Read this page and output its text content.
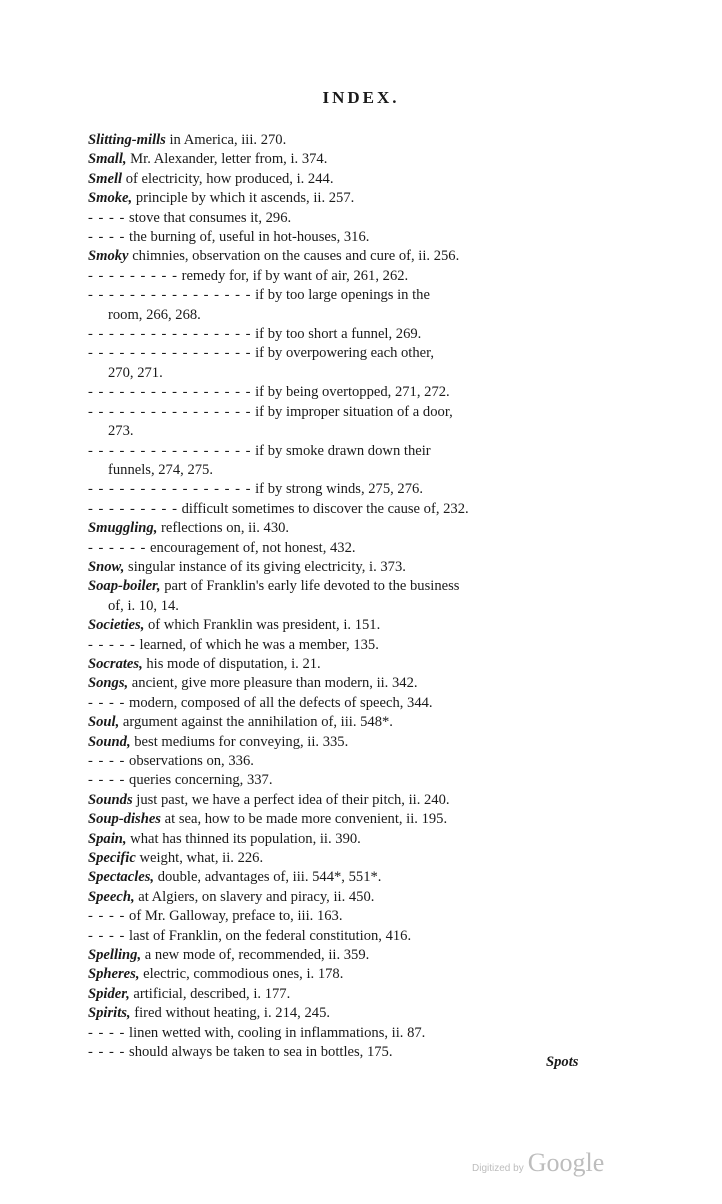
INDEX.
Slitting-mills in America, iii. 270.
Small, Mr. Alexander, letter from, i. 374.
Smell of electricity, how produced, i. 244.
Smoke, principle by which it ascends, ii. 257.
- - - - stove that consumes it, 296.
- - - - the burning of, useful in hot-houses, 316.
Smoky chimnies, observation on the causes and cure of, ii. 256.
- - - - - - - - - remedy for, if by want of air, 261, 262.
- - - - - - - - - - - - - - - - if by too large openings in the
room, 266, 268.
- - - - - - - - - - - - - - - - if by too short a funnel, 269.
- - - - - - - - - - - - - - - - if by overpowering each other,
270, 271.
- - - - - - - - - - - - - - - - if by being overtopped, 271, 272.
- - - - - - - - - - - - - - - - if by improper situation of a door,
273.
- - - - - - - - - - - - - - - - if by smoke drawn down their
funnels, 274, 275.
- - - - - - - - - - - - - - - - if by strong winds, 275, 276.
- - - - - - - - - difficult sometimes to discover the cause of, 232.
Smuggling, reflections on, ii. 430.
- - - - - - encouragement of, not honest, 432.
Snow, singular instance of its giving electricity, i. 373.
Soap-boiler, part of Franklin's early life devoted to the business
of, i. 10, 14.
Societies, of which Franklin was president, i. 151.
- - - - - learned, of which he was a member, 135.
Socrates, his mode of disputation, i. 21.
Songs, ancient, give more pleasure than modern, ii. 342.
- - - - modern, composed of all the defects of speech, 344.
Soul, argument against the annihilation of, iii. 548*.
Sound, best mediums for conveying, ii. 335.
- - - - observations on, 336.
- - - - queries concerning, 337.
Sounds just past, we have a perfect idea of their pitch, ii. 240.
Soup-dishes at sea, how to be made more convenient, ii. 195.
Spain, what has thinned its population, ii. 390.
Specific weight, what, ii. 226.
Spectacles, double, advantages of, iii. 544*, 551*.
Speech, at Algiers, on slavery and piracy, ii. 450.
- - - - of Mr. Galloway, preface to, iii. 163.
- - - - last of Franklin, on the federal constitution, 416.
Spelling, a new mode of, recommended, ii. 359.
Spheres, electric, commodious ones, i. 178.
Spider, artificial, described, i. 177.
Spirits, fired without heating, i. 214, 245.
- - - - linen wetted with, cooling in inflammations, ii. 87.
- - - - should always be taken to sea in bottles, 175.
Spots
Digitized by Google
